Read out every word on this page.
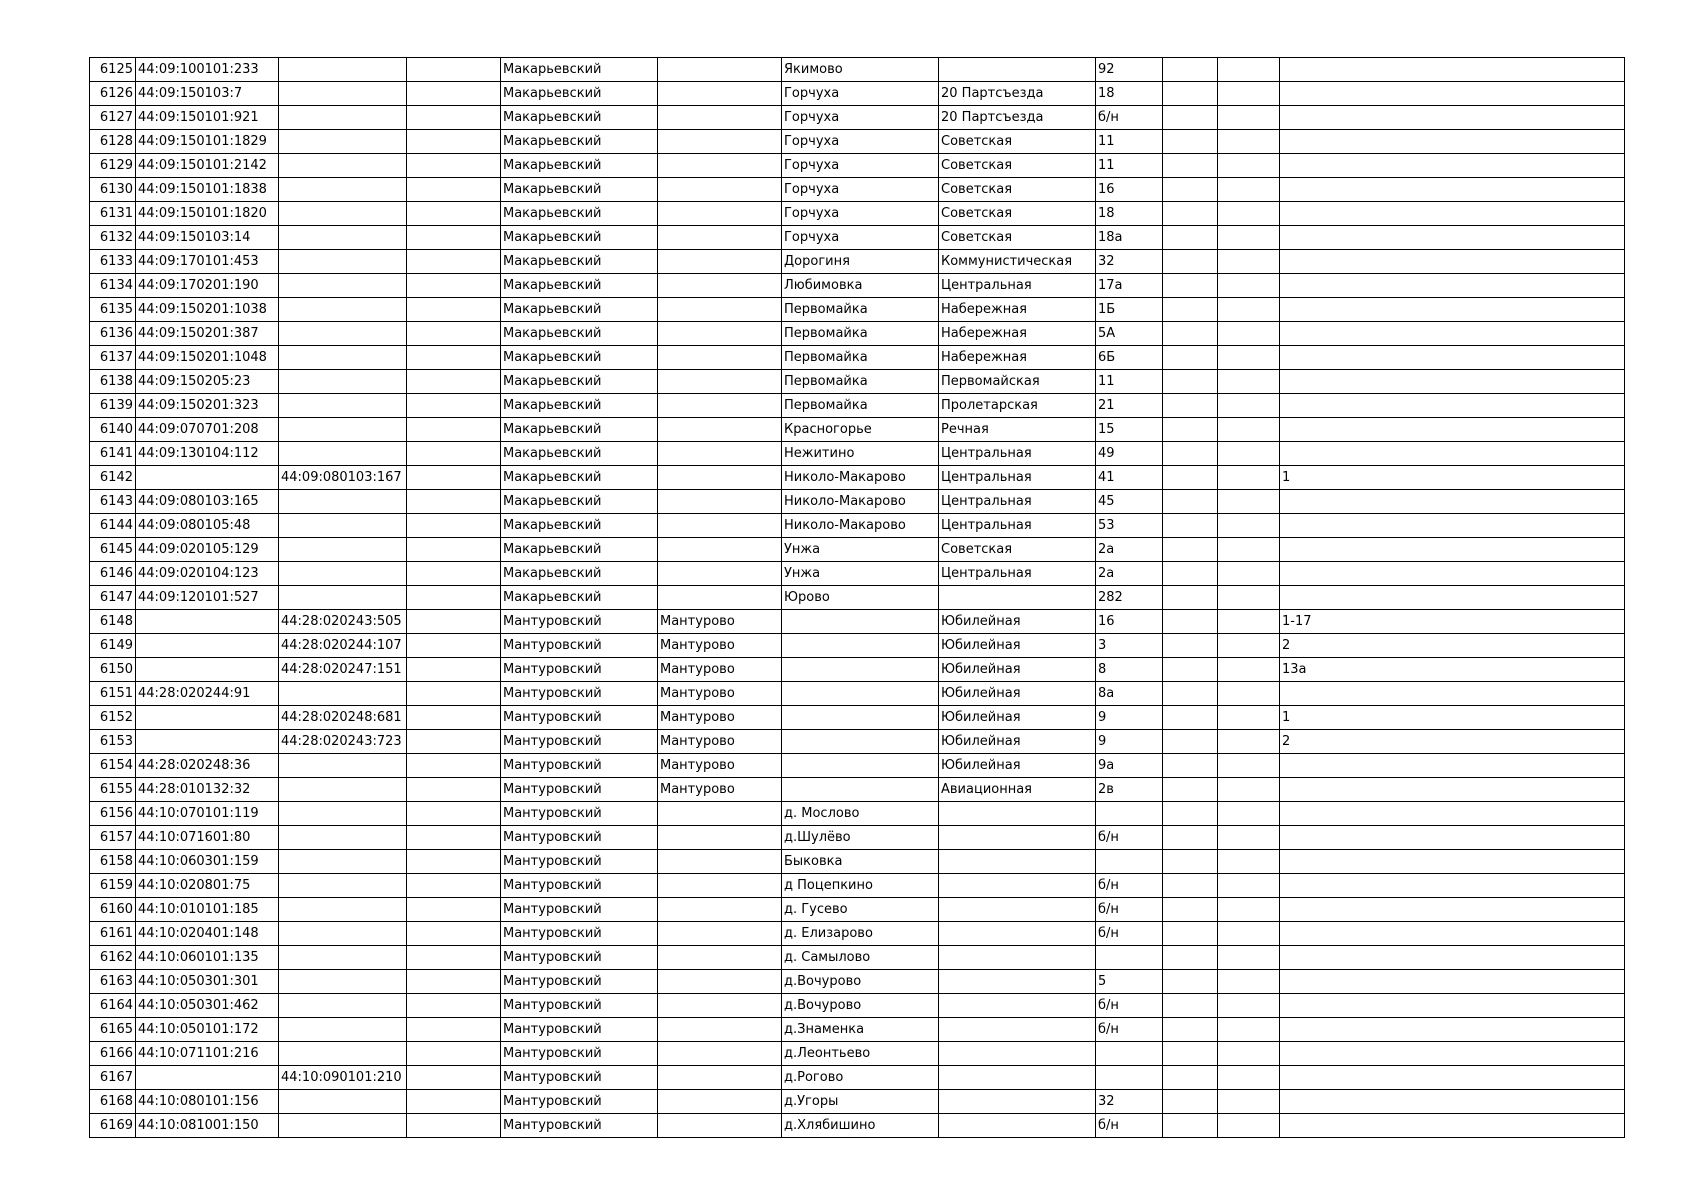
6125	44:09:100101:233			Макарьевский		Якимово		92			
6126	44:09:150103:7			Макарьевский		Горчуха	20 Партсъезда	18			
6127	44:09:150101:921			Макарьевский		Горчуха	20 Партсъезда	б/н			
6128	44:09:150101:1829			Макарьевский		Горчуха	Советская	11			
6129	44:09:150101:2142			Макарьевский		Горчуха	Советская	11			
6130	44:09:150101:1838			Макарьевский		Горчуха	Советская	16			
6131	44:09:150101:1820			Макарьевский		Горчуха	Советская	18			
6132	44:09:150103:14			Макарьевский		Горчуха	Советская	18а			
6133	44:09:170101:453			Макарьевский		Дорогиня	Коммунистическая	32			
6134	44:09:170201:190			Макарьевский		Любимовка	Центральная	17а			
6135	44:09:150201:1038			Макарьевский		Первомайка	Набережная	1Б			
6136	44:09:150201:387			Макарьевский		Первомайка	Набережная	5А			
6137	44:09:150201:1048			Макарьевский		Первомайка	Набережная	6Б			
6138	44:09:150205:23			Макарьевский		Первомайка	Первомайская	11			
6139	44:09:150201:323			Макарьевский		Первомайка	Пролетарская	21			
6140	44:09:070701:208			Макарьевский		Красногорье	Речная	15			
6141	44:09:130104:112			Макарьевский		Нежитино	Центральная	49			
6142		44:09:080103:167		Макарьевский		Николо-Макарово	Центральная	41			1
6143	44:09:080103:165			Макарьевский		Николо-Макарово	Центральная	45			
6144	44:09:080105:48			Макарьевский		Николо-Макарово	Центральная	53			
6145	44:09:020105:129			Макарьевский		Унжа	Советская	2а			
6146	44:09:020104:123			Макарьевский		Унжа	Центральная	2а			
6147	44:09:120101:527			Макарьевский		Юрово		282			
6148		44:28:020243:505		Мантуровский	Мантурово		Юбилейная	16			1-17
6149		44:28:020244:107		Мантуровский	Мантурово		Юбилейная	3			2
6150		44:28:020247:151		Мантуровский	Мантурово		Юбилейная	8			13а
6151	44:28:020244:91			Мантуровский	Мантурово		Юбилейная	8а			
6152		44:28:020248:681		Мантуровский	Мантурово		Юбилейная	9			1
6153		44:28:020243:723		Мантуровский	Мантурово		Юбилейная	9			2
6154	44:28:020248:36			Мантуровский	Мантурово		Юбилейная	9а			
6155	44:28:010132:32			Мантуровский	Мантурово		Авиационная	2в			
6156	44:10:070101:119			Мантуровский		д. Мослово					
6157	44:10:071601:80			Мантуровский		д.Шулёво		б/н			
6158	44:10:060301:159			Мантуровский		Быковка					
6159	44:10:020801:75			Мантуровский		д Поцепкино		б/н			
6160	44:10:010101:185			Мантуровский		д. Гусево		б/н			
6161	44:10:020401:148			Мантуровский		д. Елизарово		б/н			
6162	44:10:060101:135			Мантуровский		д. Самылово					
6163	44:10:050301:301			Мантуровский		д.Вочурово		5			
6164	44:10:050301:462			Мантуровский		д.Вочурово		б/н			
6165	44:10:050101:172			Мантуровский		д.Знаменка		б/н			
6166	44:10:071101:216			Мантуровский		д.Леонтьево					
6167		44:10:090101:210		Мантуровский		д.Рогово					
6168	44:10:080101:156			Мантуровский		д.Угоры		32			
6169	44:10:081001:150			Мантуровский		д.Хлябишино		б/н			
